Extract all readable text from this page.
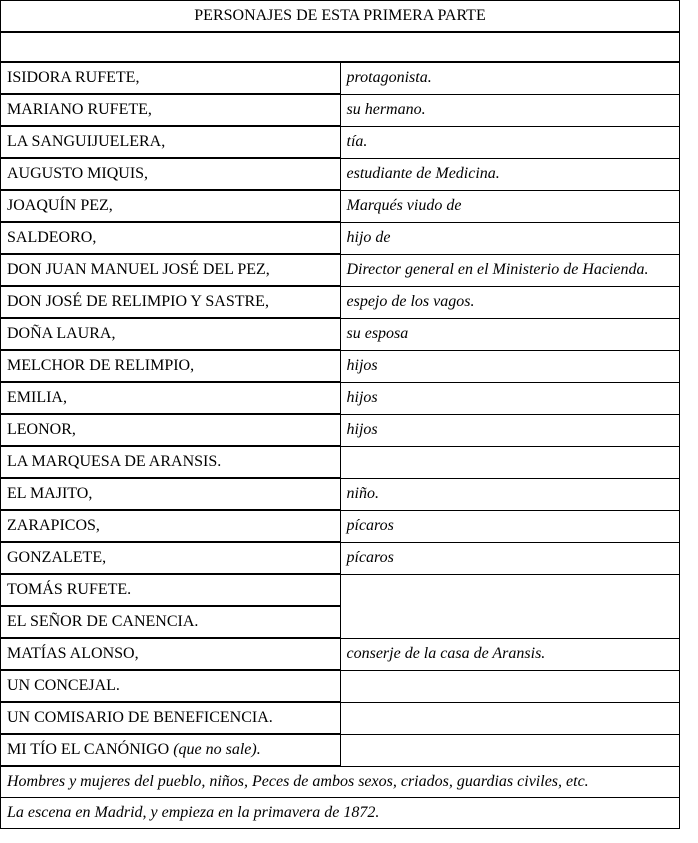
PERSONAJES DE ESTA PRIMERA PARTE	

ISIDORA RUFETE,	protagonista.
MARIANO RUFETE,	su hermano.
LA SANGUIJUELERA,	tía.
AUGUSTO MIQUIS,	estudiante de Medicina.
JOAQUÍN PEZ,	Marqués viudo de
SALDEORO,	hijo de
DON JUAN MANUEL JOSÉ DEL PEZ,	Director general en el Ministerio de Hacienda.
DON JOSÉ DE RELIMPIO Y SASTRE,	espejo de los vagos.
DOÑA LAURA,	su esposa
MELCHOR DE RELIMPIO,	hijos
EMILIA,	hijos
LEONOR,	hijos
LA MARQUESA DE ARANSIS.	
EL MAJITO,	niño.
ZARAPICOS,	pícaros
GONZALETE,	pícaros
TOMÁS RUFETE.	
EL SEÑOR DE CANENCIA.	
MATÍAS ALONSO,	conserje de la casa de Aransis.
UN CONCEJAL.	
UN COMISARIO DE BENEFICENCIA.	
MI TÍO EL CANÓNIGO (que no sale).	
Hombres y mujeres del pueblo, niños, Peces de ambos sexos, criados, guardias civiles, etc.	
La escena en Madrid, y empieza en la primavera de 1872.	
